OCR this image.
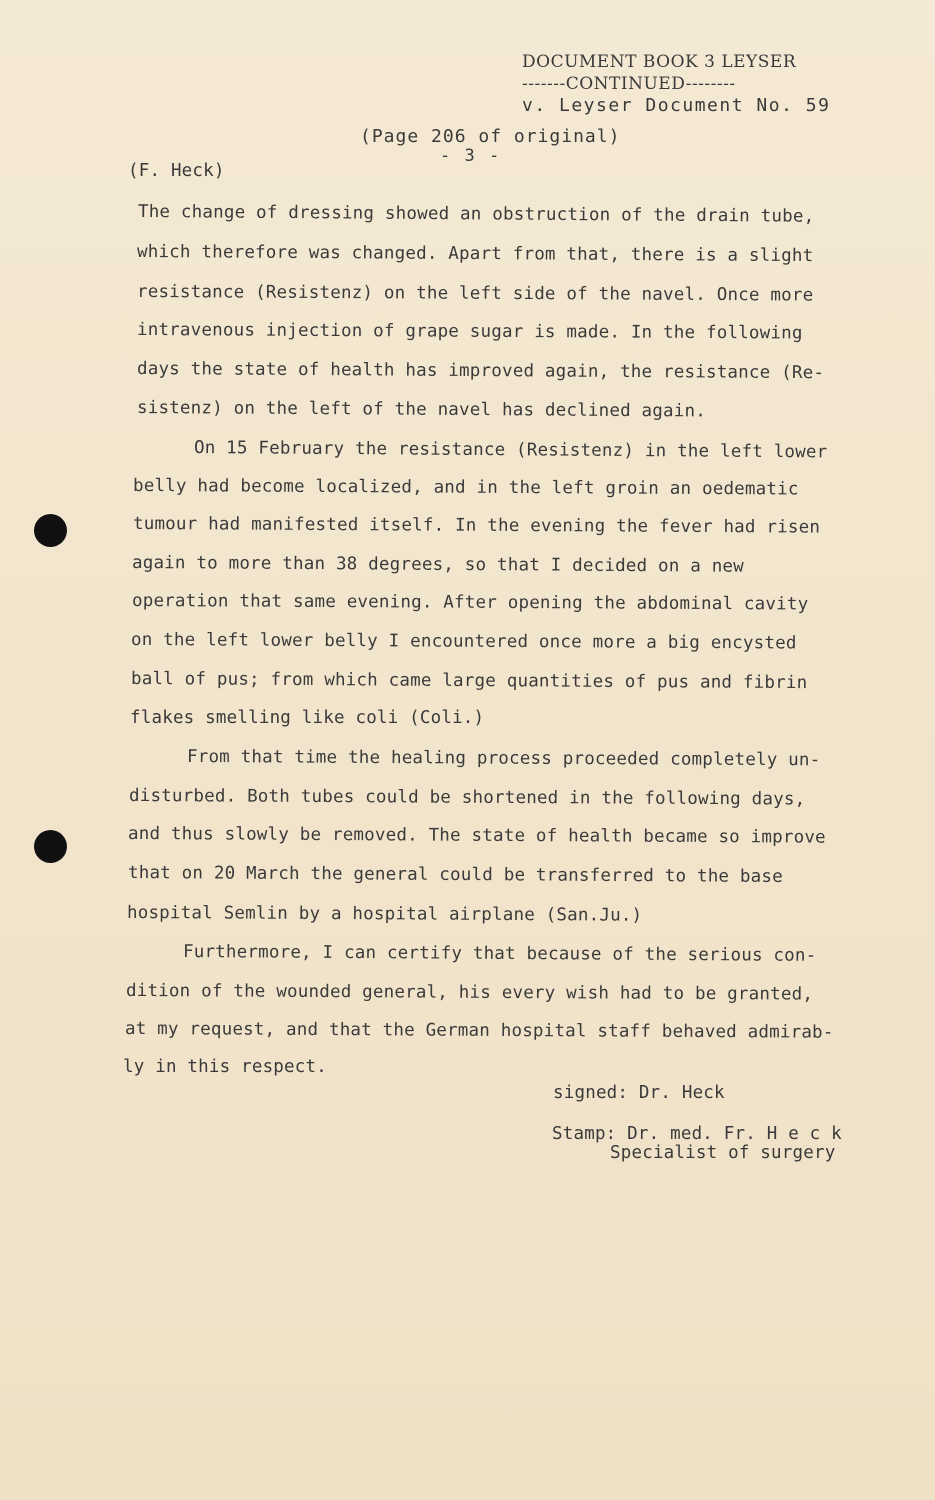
DOCUMENT BOOK 3 LEYSER
-------CONTINUED--------
v. Leyser Document No. 59
(Page 206 of original)
- 3 -
(F. Heck)
The change of dressing showed an obstruction of the drain tube,
which therefore was changed. Apart from that, there is a slight
resistance (Resistenz) on the left side of the navel. Once more
intravenous injection of grape sugar is made. In the following
days the state of health has improved again, the resistance (Re-
sistenz) on the left of the navel has declined again.
On 15 February the resistance (Resistenz) in the left lower
belly had become localized, and in the left groin an oedematic
tumour had manifested itself. In the evening the fever had risen
again to more than 38 degrees, so that I decided on a new
operation that same evening. After opening the abdominal cavity
on the left lower belly I encountered once more a big encysted
ball of pus; from which came large quantities of pus and fibrin
flakes smelling like coli (Coli.)
From that time the healing process proceeded completely un-
disturbed. Both tubes could be shortened in the following days,
and thus slowly be removed. The state of health became so improve
that on 20 March the general could be transferred to the base
hospital Semlin by a hospital airplane (San.Ju.)
Furthermore, I can certify that because of the serious con-
dition of the wounded general, his every wish had to be granted,
at my request, and that the German hospital staff behaved admirab-
ly in this respect.
signed: Dr. Heck
Stamp: Dr. med. Fr. H e c k
Specialist of surgery
